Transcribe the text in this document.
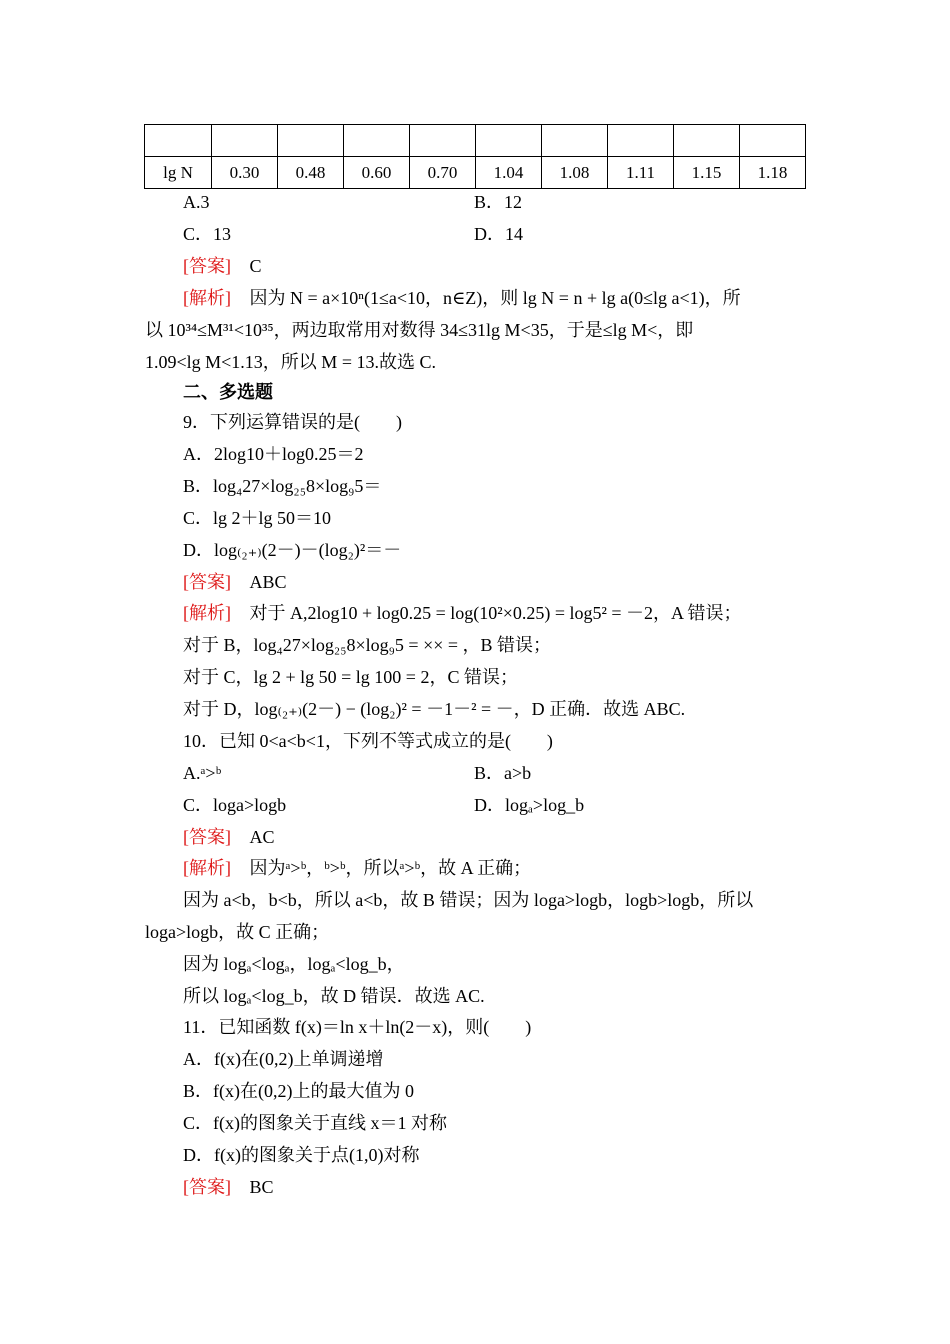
lg N	0.30	0.48	0.60	0.70	1.04	1.08	1.11	1.15	1.18
A.3	B．12
C．13	D．14
[答案] C
[解析] 因为 N = a×10ⁿ(1≤a<10，n∈Z)，则 lg N = n + lg a(0≤lg a<1)，所
以 10³⁴≤M³¹<10³⁵，两边取常用对数得 34≤31lg M<35，于是≤lg M<，即
1.09<lg M<1.13，所以 M = 13.故选 C.
二、多选题
9．下列运算错误的是(　　)
A．2log10＋log0.25＝2
B．log₄27×log₂₅8×log₉5＝
C．lg 2＋lg 50＝10
D．log₍₂₊₎(2－)－(log₂)²＝－
[答案] ABC
[解析] 对于 A,2log10 + log0.25 = log(10²×0.25) = log5² = －2，A 错误；
对于 B，log₄27×log₂₅8×log₉5 = ×× = ，B 错误；
对于 C，lg 2 + lg 50 = lg 100 = 2，C 错误；
对于 D，log₍₂₊₎(2－) − (log₂)² = －1－² = －，D 正确．故选 ABC.
10．已知 0<a<b<1，下列不等式成立的是(　　)
A.ᵃ>ᵇ	B．a>b
C．loga>logb	D．logₐ>log_b
[答案] AC
[解析] 因为ᵃ>ᵇ，ᵇ>ᵇ，所以ᵃ>ᵇ，故 A 正确；
因为 a<b，b<b，所以 a<b，故 B 错误；因为 loga>logb，logb>logb，所以
loga>logb，故 C 正确；
因为 logₐ<logₐ，logₐ<log_b，
所以 logₐ<log_b，故 D 错误．故选 AC.
11．已知函数 f(x)＝ln x＋ln(2－x)，则(　　)
A．f(x)在(0,2)上单调递增
B．f(x)在(0,2)上的最大值为 0
C．f(x)的图象关于直线 x＝1 对称
D．f(x)的图象关于点(1,0)对称
[答案] BC
